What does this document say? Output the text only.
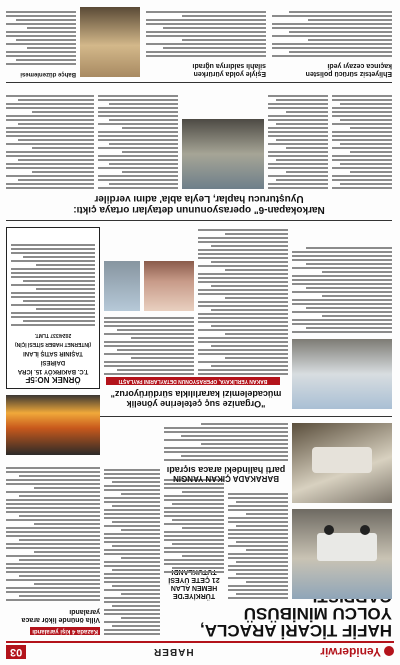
Yeniderwir
HABER
03
HAFİF TİCARİ ARACLA,
YOLCU MİNİBÜSÜ
Kazada 4 kişi yaralandı
Villa önünde likör araca
yaralandı
TÜRKİYE'DE HEMEN ALAN
21 ÇETE ÜYESİ
BARAKADA ÇIKAN YANGIN
parti halindeki araca sıçradı
"Organize suç çetelerine yönelik
mücadelemizi kararlılıkla sürdürüyoruz"
BAKAN YERLİKAYA, OPERASYONUN DETAYLARINI PAYLAŞTI
ÖRNEK NO:5F
T.C. BAKIRKÖY 15. İCRA DAİRESİ
TAŞINIR SATIŞ İLANI
(İNTERNET HABER SİTESİ İÇİN)
2024/337 TLMT.
Narkokapan-6" operasyonunun detayları ortaya çıktı:
Uyuşturucu haplar, Leyla abla' adını verdiler
Ehliyetsiz sürücü polisten
kaçınca cezayı yedi
Eşiyle yolda yürürken
silahlı saldırıya uğradı
Bahçe düzenlemesi
